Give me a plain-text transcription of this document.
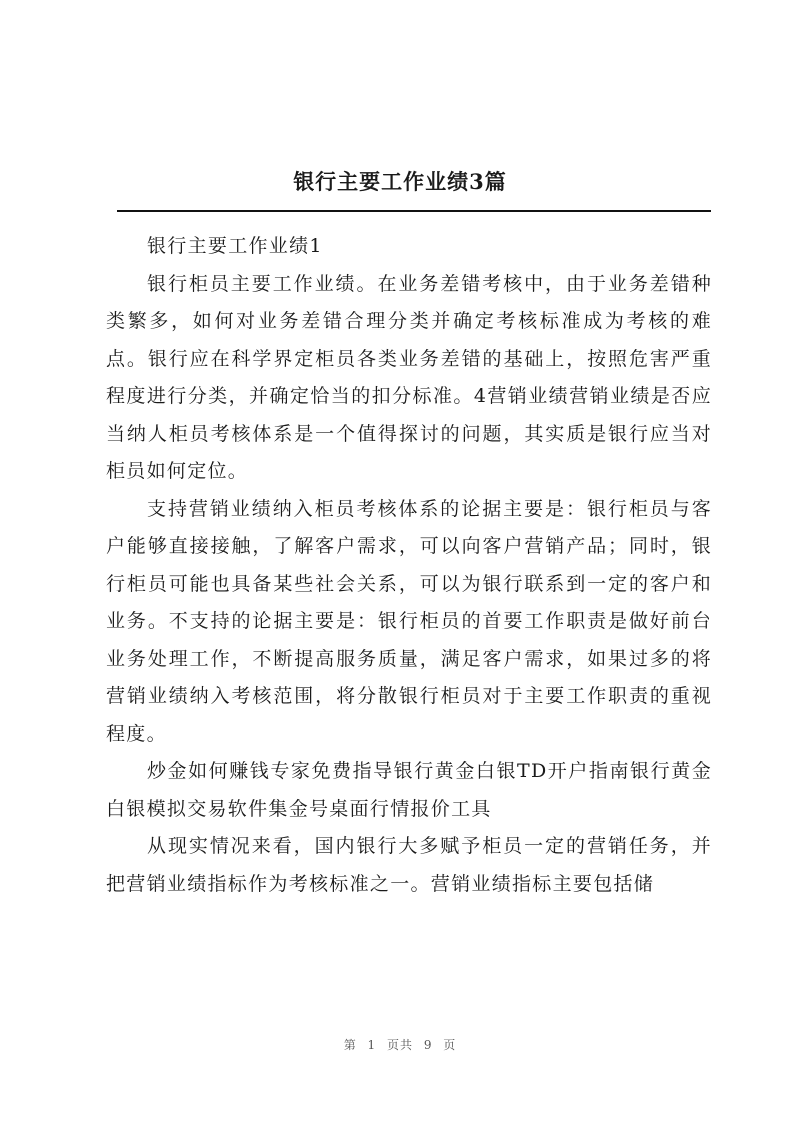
银行主要工作业绩3篇

银行主要工作业绩1

银行柜员主要工作业绩。在业务差错考核中，由于业务差错种类繁多，如何对业务差错合理分类并确定考核标准成为考核的难点。银行应在科学界定柜员各类业务差错的基础上，按照危害严重程度进行分类，并确定恰当的扣分标准。4营销业绩营销业绩是否应当纳人柜员考核体系是一个值得探讨的问题，其实质是银行应当对柜员如何定位。

支持营销业绩纳入柜员考核体系的论据主要是：银行柜员与客户能够直接接触，了解客户需求，可以向客户营销产品；同时，银行柜员可能也具备某些社会关系，可以为银行联系到一定的客户和业务。不支持的论据主要是：银行柜员的首要工作职责是做好前台业务处理工作，不断提高服务质量，满足客户需求，如果过多的将营销业绩纳入考核范围，将分散银行柜员对于主要工作职责的重视程度。

炒金如何赚钱专家免费指导银行黄金白银TD开户指南银行黄金白银模拟交易软件集金号桌面行情报价工具

从现实情况来看，国内银行大多赋予柜员一定的营销任务，并把营销业绩指标作为考核标准之一。营销业绩指标主要包括储

第 1 页共 9 页
